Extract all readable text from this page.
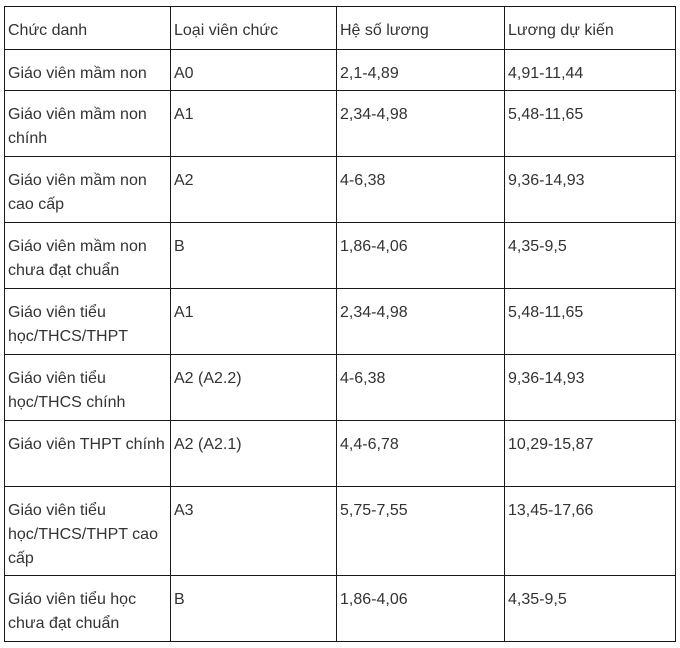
Chức danh	Loại viên chức	Hệ số lương	Lương dự kiến
Giáo viên mầm non	A0	2,1-4,89	4,91-11,44
Giáo viên mầm non chính	A1	2,34-4,98	5,48-11,65
Giáo viên mầm non cao cấp	A2	4-6,38	9,36-14,93
Giáo viên mầm non chưa đạt chuẩn	B	1,86-4,06	4,35-9,5
Giáo viên tiểu học/THCS/THPT	A1	2,34-4,98	5,48-11,65
Giáo viên tiểu học/THCS chính	A2 (A2.2)	4-6,38	9,36-14,93
Giáo viên THPT chính	A2 (A2.1)	4,4-6,78	10,29-15,87
Giáo viên tiểu học/THCS/THPT cao cấp	A3	5,75-7,55	13,45-17,66
Giáo viên tiểu học chưa đạt chuẩn	B	1,86-4,06	4,35-9,5
